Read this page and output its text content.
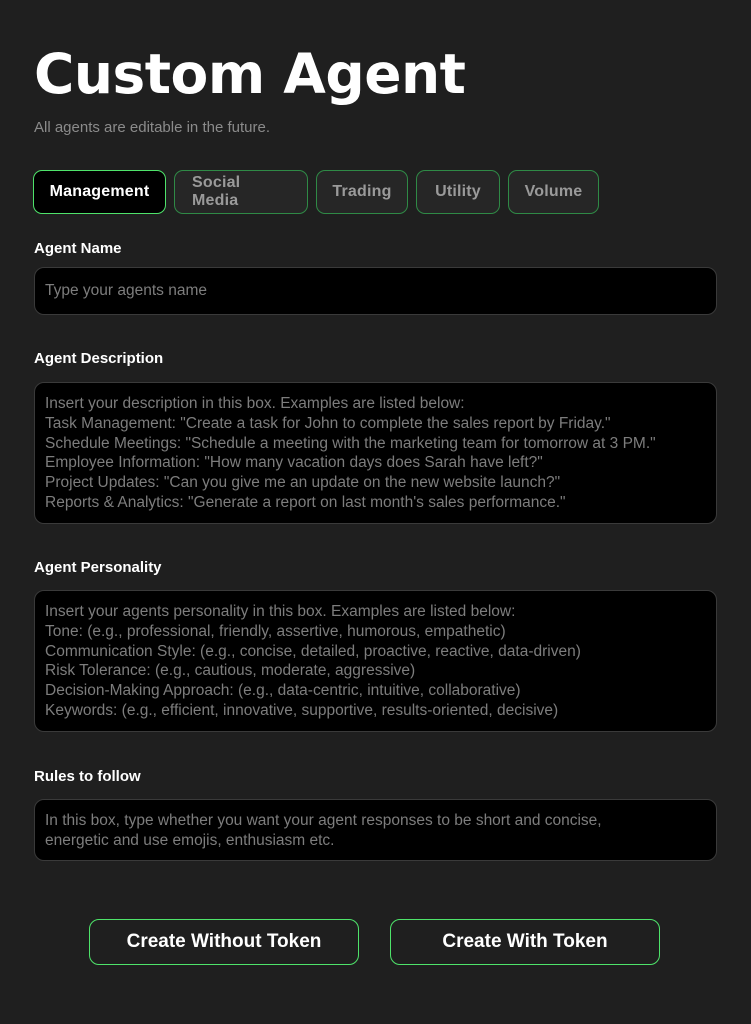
Custom Agent
All agents are editable in the future.
Management
Social Media
Trading	Utility	Volume
Agent Name
Type your agents name
Agent Description
Insert your description in this box. Examples are listed below:
Task Management: "Create a task for John to complete the sales report by Friday."
Schedule Meetings: "Schedule a meeting with the marketing team for tomorrow at 3 PM."
Employee Information: "How many vacation days does Sarah have left?"
Project Updates: "Can you give me an update on the new website launch?"
Reports & Analytics: "Generate a report on last month's sales performance."
Agent Personality
Insert your agents personality in this box. Examples are listed below:
Tone: (e.g., professional, friendly, assertive, humorous, empathetic)
Communication Style: (e.g., concise, detailed, proactive, reactive, data-driven)
Risk Tolerance: (e.g., cautious, moderate, aggressive)
Decision-Making Approach: (e.g., data-centric, intuitive, collaborative)
Keywords: (e.g., efficient, innovative, supportive, results-oriented, decisive)
Rules to follow
In this box, type whether you want your agent responses to be short and concise,
energetic and use emojis, enthusiasm etc.
Create Without Token	Create With Token
